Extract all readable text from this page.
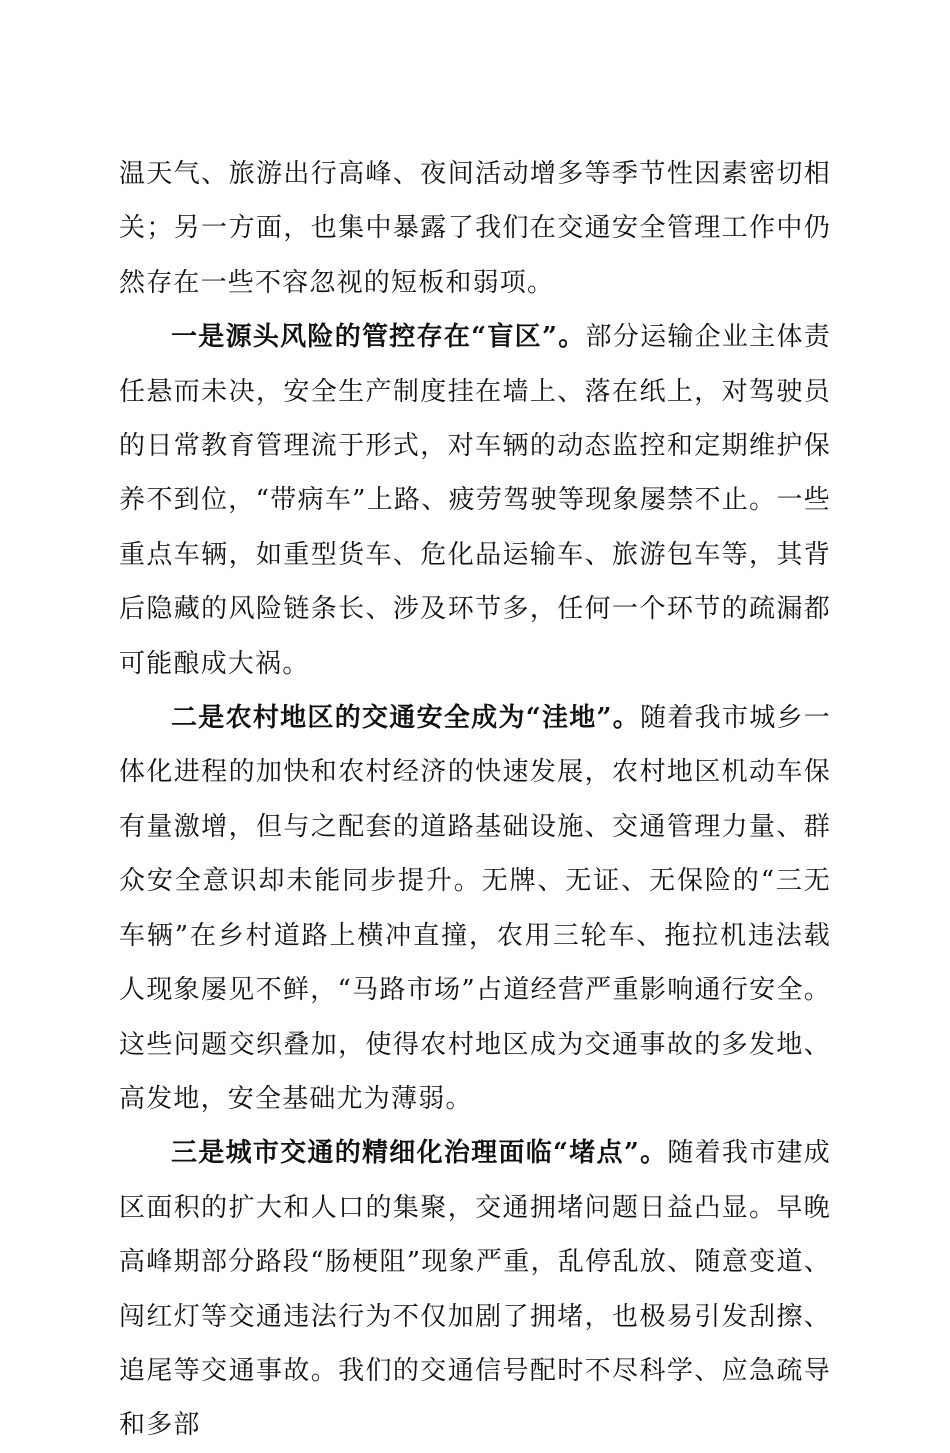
温天气、旅游出行高峰、夜间活动增多等季节性因素密切相关；另一方面，也集中暴露了我们在交通安全管理工作中仍然存在一些不容忽视的短板和弱项。

一是源头风险的管控存在“盲区”。部分运输企业主体责任悬而未决，安全生产制度挂在墙上、落在纸上，对驾驶员的日常教育管理流于形式，对车辆的动态监控和定期维护保养不到位，“带病车”上路、疲劳驾驶等现象屡禁不止。一些重点车辆，如重型货车、危化品运输车、旅游包车等，其背后隐藏的风险链条长、涉及环节多，任何一个环节的疏漏都可能酿成大祸。

二是农村地区的交通安全成为“洼地”。随着我市城乡一体化进程的加快和农村经济的快速发展，农村地区机动车保有量激增，但与之配套的道路基础设施、交通管理力量、群众安全意识却未能同步提升。无牌、无证、无保险的“三无车辆”在乡村道路上横冲直撞，农用三轮车、拖拉机违法载人现象屡见不鲜，“马路市场”占道经营严重影响通行安全。这些问题交织叠加，使得农村地区成为交通事故的多发地、高发地，安全基础尤为薄弱。

三是城市交通的精细化治理面临“堵点”。随着我市建成区面积的扩大和人口的集聚，交通拥堵问题日益凸显。早晚高峰期部分路段“肠梗阻”现象严重，乱停乱放、随意变道、闯红灯等交通违法行为不仅加剧了拥堵，也极易引发刮擦、追尾等交通事故。我们的交通信号配时不尽科学、应急疏导和多部
